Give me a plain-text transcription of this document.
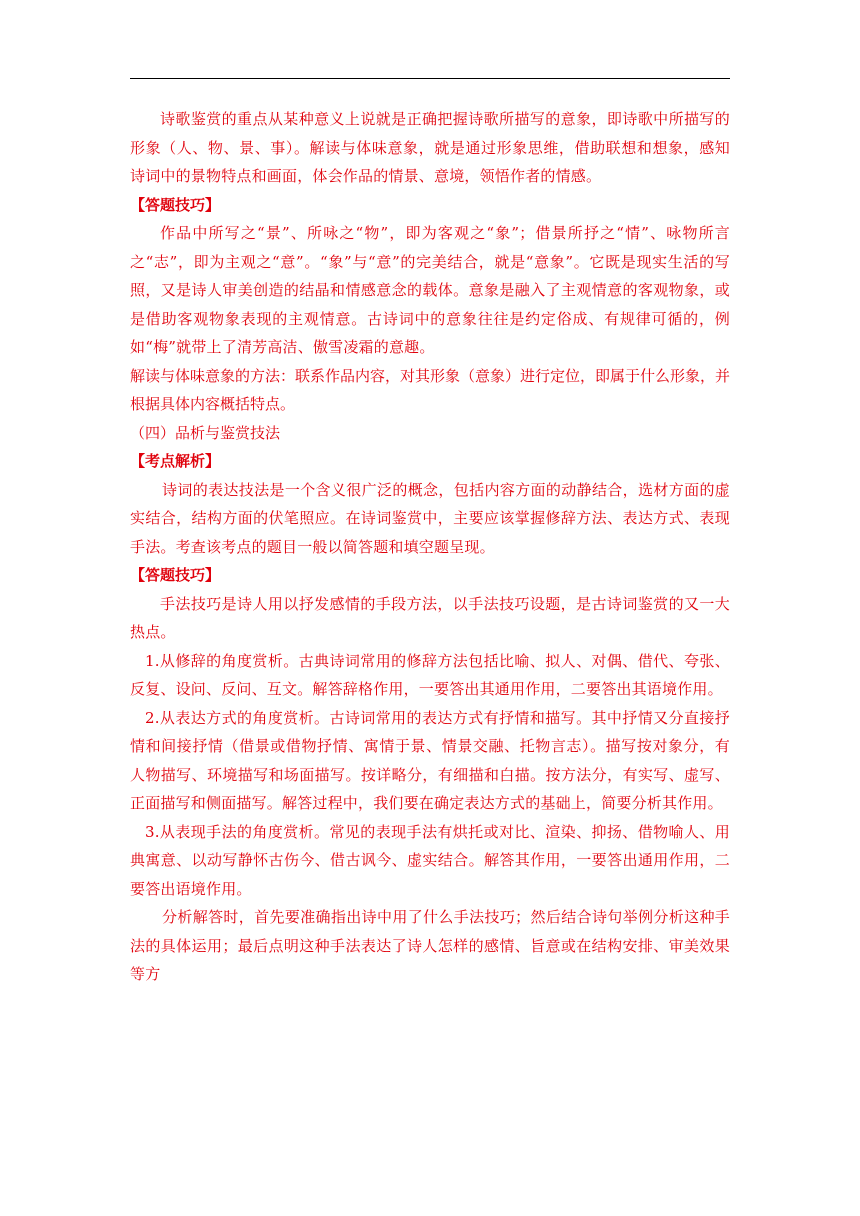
诗歌鉴赏的重点从某种意义上说就是正确把握诗歌所描写的意象，即诗歌中所描写的形象（人、物、景、事）。解读与体味意象，就是通过形象思维，借助联想和想象，感知诗词中的景物特点和画面，体会作品的情景、意境，领悟作者的情感。

【答题技巧】

作品中所写之“景”、所咏之“物”，即为客观之“象”；借景所抒之“情”、咏物所言之“志”，即为主观之“意”。“象”与“意”的完美结合，就是“意象”。它既是现实生活的写照，又是诗人审美创造的结晶和情感意念的载体。意象是融入了主观情意的客观物象，或是借助客观物象表现的主观情意。古诗词中的意象往往是约定俗成、有规律可循的，例如“梅”就带上了清芳高洁、傲雪凌霜的意趣。

解读与体味意象的方法：联系作品内容，对其形象（意象）进行定位，即属于什么形象，并根据具体内容概括特点。

（四）品析与鉴赏技法

【考点解析】

诗词的表达技法是一个含义很广泛的概念，包括内容方面的动静结合，选材方面的虚实结合，结构方面的伏笔照应。在诗词鉴赏中，主要应该掌握修辞方法、表达方式、表现手法。考查该考点的题目一般以简答题和填空题呈现。

【答题技巧】

手法技巧是诗人用以抒发感情的手段方法，以手法技巧设题，是古诗词鉴赏的又一大热点。

1.从修辞的角度赏析。古典诗词常用的修辞方法包括比喻、拟人、对偶、借代、夸张、反复、设问、反问、互文。解答辞格作用，一要答出其通用作用，二要答出其语境作用。

2.从表达方式的角度赏析。古诗词常用的表达方式有抒情和描写。其中抒情又分直接抒情和间接抒情（借景或借物抒情、寓情于景、情景交融、托物言志）。描写按对象分，有人物描写、环境描写和场面描写。按详略分，有细描和白描。按方法分，有实写、虚写、正面描写和侧面描写。解答过程中，我们要在确定表达方式的基础上，简要分析其作用。

3.从表现手法的角度赏析。常见的表现手法有烘托或对比、渲染、抑扬、借物喻人、用典寓意、以动写静怀古伤今、借古讽今、虚实结合。解答其作用，一要答出通用作用，二要答出语境作用。

分析解答时，首先要准确指出诗中用了什么手法技巧；然后结合诗句举例分析这种手法的具体运用；最后点明这种手法表达了诗人怎样的感情、旨意或在结构安排、审美效果等方
